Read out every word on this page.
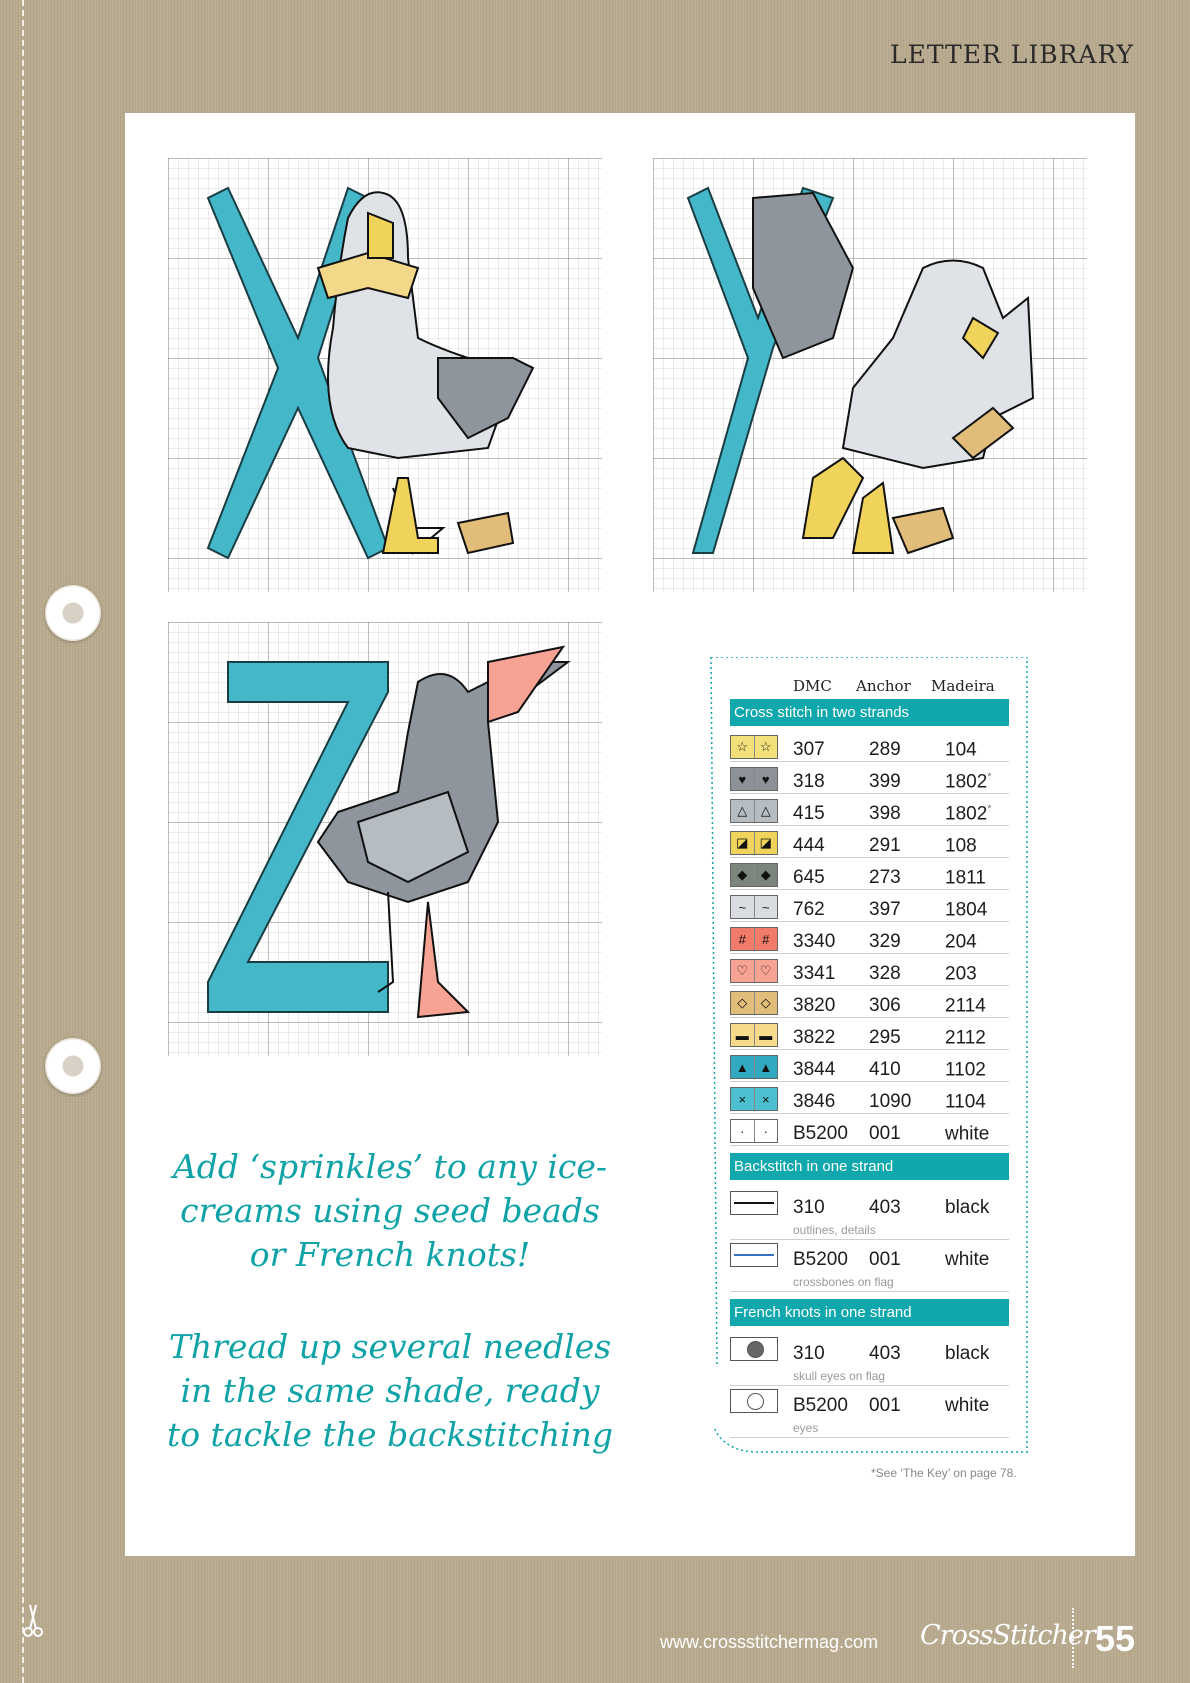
LETTER LIBRARY
Add ‘sprinkles’ to any ice-creams using seed beads or French knots!
Thread up several needles in the same shade, ready to tackle the backstitching
DMC Anchor Madeira
Cross stitch in two strands
☆ ☆ 307 289 104
♥	♥	318 399 1802*
△	△	415 398 1802*
◪ ◪ 444 291 108
◆	◆	645 273 1811
~	~	762 397 1804
#	#	3340 329 204
♡ ♡ 3341 328 203
◇	◇	3820 306 2114
▬ ▬ 3822 295 2112
▲ ▲ 3844 410 1102
×	×	3846 1090 1104
·	·	B5200 001 white
Backstitch in one strand
310 403 black
outlines, details
B5200 001 white
crossbones on flag
French knots in one strand
310 403 black
skull eyes on flag
B5200 001 white
eyes
*See ‘The Key’ on page 78.
www.crossstitchermag.com CrossStitcher 55
